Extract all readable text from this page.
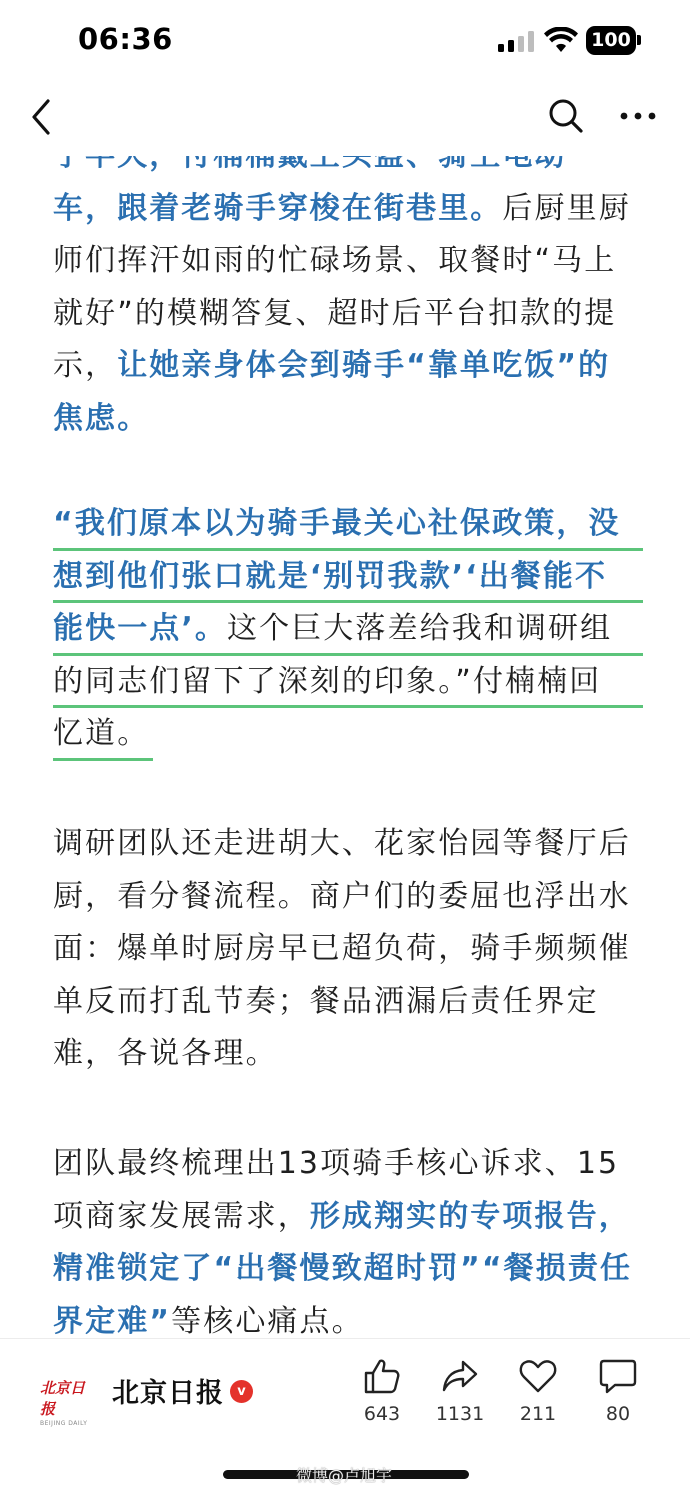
06:36	100
车，跟着老骑手穿梭在街巷里。后厨里厨
师们挥汗如雨的忙碌场景、取餐时“马上
就好”的模糊答复、超时后平台扣款的提
示，让她亲身体会到骑手“靠单吃饭”的
焦虑。
“我们原本以为骑手最关心社保政策，没
想到他们张口就是‘别罚我款’‘出餐能不
能快一点’。这个巨大落差给我和调研组
的同志们留下了深刻的印象。”付楠楠回
忆道。
调研团队还走进胡大、花家怡园等餐厅后
厨，看分餐流程。商户们的委屈也浮出水
面：爆单时厨房早已超负荷，骑手频频催
单反而打乱节奏；餐品洒漏后责任界定
难，各说各理。
团队最终梳理出13项骑手核心诉求、15
项商家发展需求，形成翔实的专项报告，
精准锁定了“出餐慢致超时罚”“餐损责任
界定难”等核心痛点。
北京日报
BEIJING DAILY
北京日报	v
643	1131	211	80
微博@卢旭宇
